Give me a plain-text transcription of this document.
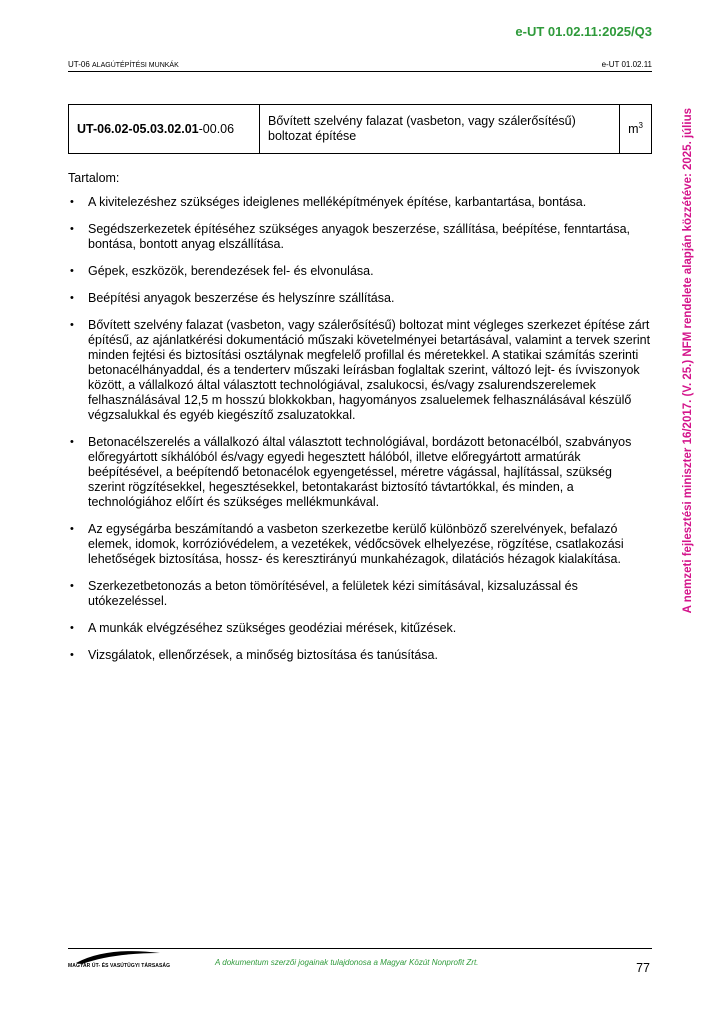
e-UT 01.02.11:2025/Q3
UT-06 ALAGÚTÉPÍTÉSI MUNKÁK	e-UT 01.02.11
UT-06.02-05.03.02.01-00.06	Bővített szelvény falazat (vasbeton, vagy szálerősítésű) boltozat építése	$m^3$
Tartalom:
• A kivitelezéshez szükséges ideiglenes melléképítmények építése, karbantartása, bontása.
• Segédszerkezetek építéséhez szükséges anyagok beszerzése, szállítása, beépítése, fenntartása, bontása, bontott anyag elszállítása.
• Gépek, eszközök, berendezések fel- és elvonulása.
• Beépítési anyagok beszerzése és helyszínre szállítása.
• Bővített szelvény falazat (vasbeton, vagy szálerősítésű) boltozat mint végleges szerkezet építése zárt építésű, az ajánlatkérési dokumentáció műszaki követelményei betartásával, valamint a tervek szerint minden fejtési és biztosítási osztálynak megfelelő profillal és méretekkel. A statikai számítás szerinti betonacélhányaddal, és a tenderterv műszaki leírásban foglaltak szerint, változó lejt- és ívviszonyok között, a vállalkozó által választott technológiával, zsalukocsi, és/vagy zsalurendszerelemek felhasználásával 12,5 m hosszú blokkokban, hagyományos zsaluelemek felhasználásával készülő végzsalukkal és egyéb kiegészítő zsaluzatokkal.
• Betonacélszerelés a vállalkozó által választott technológiával, bordázott betonacélból, szabványos előregyártott síkhálóból és/vagy egyedi hegesztett hálóból, illetve előregyártott armatúrák beépítésével, a beépítendő betonacélok egyengetéssel, méretre vágással, hajlítással, szükség szerint rögzítésekkel, hegesztésekkel, betontakarást biztosító távtartókkal, és minden, a technológiához előírt és szükséges mellékmunkával.
• Az egységárba beszámítandó a vasbeton szerkezetbe kerülő különböző szerelvények, befalazó elemek, idomok, korrózióvédelem, a vezetékek, védőcsövek elhelyezése, rögzítése, csatlakozási lehetőségek biztosítása, hossz- és keresztirányú munkahézagok, dilatációs hézagok kialakítása.
• Szerkezetbetonozás a beton tömörítésével, a felületek kézi simításával, kizsaluzással és utókezeléssel.
• A munkák elvégzéséhez szükséges geodéziai mérések, kitűzések.
• Vizsgálatok, ellenőrzések, a minőség biztosítása és tanúsítása.
A nemzeti fejlesztési miniszter 16/2017. (V. 25.) NFM rendelete alapján közzétéve: 2025. július
MAGYAR ÚT- ÉS VASÚTÜGYI TÁRSASÁG	A dokumentum szerzői jogainak tulajdonosa a Magyar Közút Nonprofit Zrt.	77
